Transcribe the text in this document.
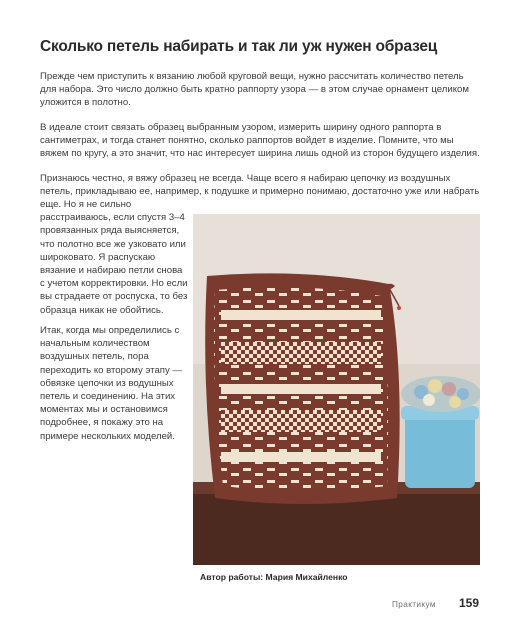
Сколько петель набирать и так ли уж нужен образец

Прежде чем приступить к вязанию любой круговой вещи, нужно рассчитать количество петель для набора. Это число должно быть кратно раппорту узора — в этом случае орнамент целиком уложится в полотно.

В идеале стоит связать образец выбранным узором, измерить ширину одного раппорта в сантиметрах, и тогда станет понятно, сколько раппортов войдет в изделие. Помните, что мы вяжем по кругу, а это значит, что нас интересует ширина лишь одной из сторон будущего изделия.

Признаюсь честно, я вяжу образец не всегда. Чаще всего я набираю цепочку из воздушных петель, прикладываю ее, например, к подушке и примерно понимаю, достаточно уже или набрать

еще. Но я не сильно расстраиваюсь, если спустя 3–4 провязанных ряда выясняется, что полотно все же узковато или широковато. Я распускаю вязание и набираю петли снова с учетом корректировки. Но если вы страдаете от роспуска, то без образца никак не обойтись.

Итак, когда мы определились с начальным количеством воздушных петель, пора переходить ко второму этапу — обвязке цепочки из водушных петель и соединению. На этих моментах мы и остановимся подробнее, я покажу это на примере нескольких моделей.

Автор работы: Мария Михайленко
Практикум 159
